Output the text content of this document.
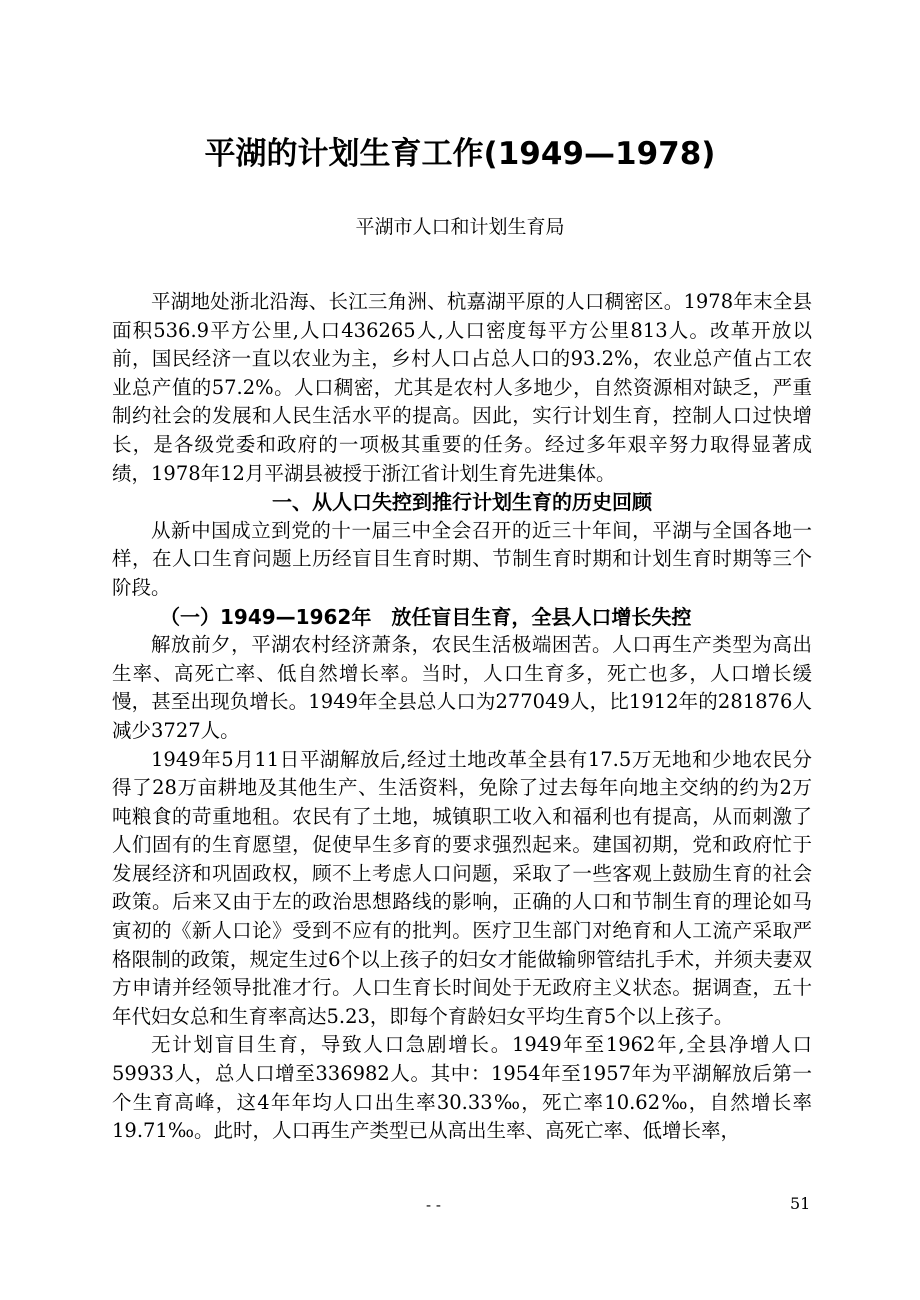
平湖的计划生育工作(1949—1978)
平湖市人口和计划生育局

平湖地处浙北沿海、长江三角洲、杭嘉湖平原的人口稠密区。1978年末全县面积536.9平方公里,人口436265人,人口密度每平方公里813人。改革开放以前，国民经济一直以农业为主，乡村人口占总人口的93.2%，农业总产值占工农业总产值的57.2%。人口稠密，尤其是农村人多地少，自然资源相对缺乏，严重制约社会的发展和人民生活水平的提高。因此，实行计划生育，控制人口过快增长，是各级党委和政府的一项极其重要的任务。经过多年艰辛努力取得显著成绩，1978年12月平湖县被授于浙江省计划生育先进集体。

一、从人口失控到推行计划生育的历史回顾

从新中国成立到党的十一届三中全会召开的近三十年间，平湖与全国各地一样，在人口生育问题上历经盲目生育时期、节制生育时期和计划生育时期等三个阶段。

（一）1949—1962年　放任盲目生育，全县人口增长失控

解放前夕，平湖农村经济萧条，农民生活极端困苦。人口再生产类型为高出生率、高死亡率、低自然增长率。当时，人口生育多，死亡也多，人口增长缓慢，甚至出现负增长。1949年全县总人口为277049人，比1912年的281876人减少3727人。

1949年5月11日平湖解放后,经过土地改革全县有17.5万无地和少地农民分得了28万亩耕地及其他生产、生活资料，免除了过去每年向地主交纳的约为2万吨粮食的苛重地租。农民有了土地，城镇职工收入和福利也有提高，从而刺激了人们固有的生育愿望，促使早生多育的要求强烈起来。建国初期，党和政府忙于发展经济和巩固政权，顾不上考虑人口问题，采取了一些客观上鼓励生育的社会政策。后来又由于左的政治思想路线的影响，正确的人口和节制生育的理论如马寅初的《新人口论》受到不应有的批判。医疗卫生部门对绝育和人工流产采取严格限制的政策，规定生过6个以上孩子的妇女才能做输卵管结扎手术，并须夫妻双方申请并经领导批准才行。人口生育长时间处于无政府主义状态。据调查，五十年代妇女总和生育率高达5.23，即每个育龄妇女平均生育5个以上孩子。

无计划盲目生育，导致人口急剧增长。1949年至1962年,全县净增人口59933人，总人口增至336982人。其中：1954年至1957年为平湖解放后第一个生育高峰，这4年年均人口出生率30.33‰，死亡率10.62‰，自然增长率19.71‰。此时，人口再生产类型已从高出生率、高死亡率、低增长率，

- -	51
